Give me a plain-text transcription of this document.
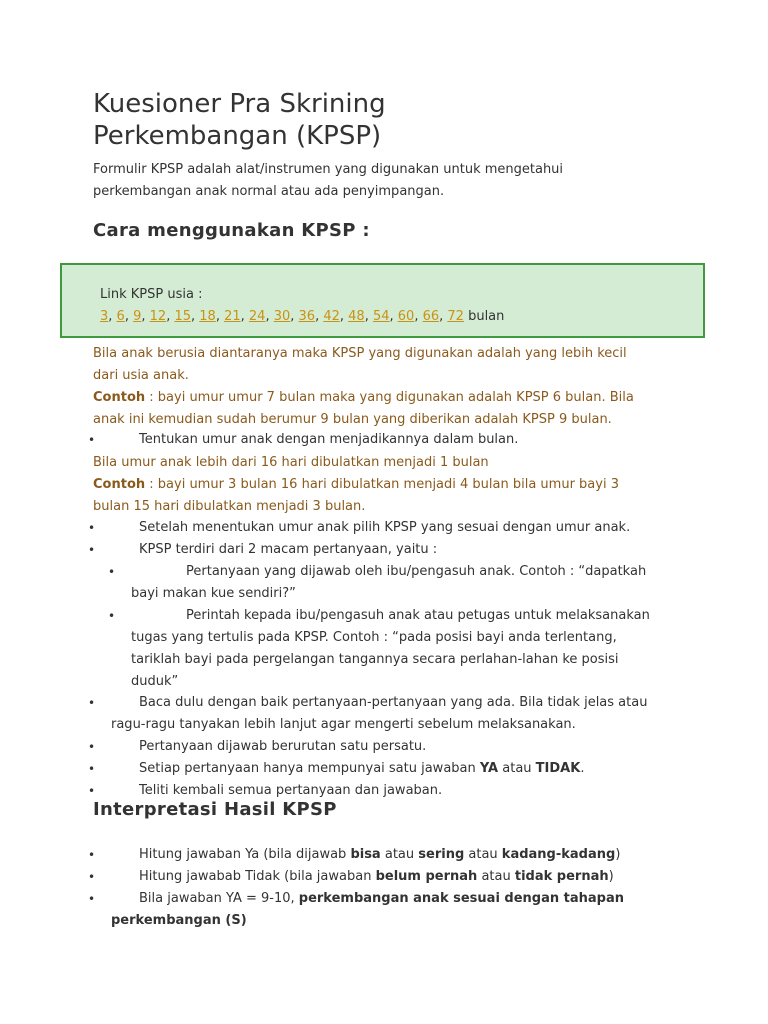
Kuesioner Pra Skrining
Perkembangan (KPSP)
Formulir KPSP adalah alat/instrumen yang digunakan untuk mengetahui
perkembangan anak normal atau ada penyimpangan.
Cara menggunakan KPSP :
Link KPSP usia :
3, 6, 9, 12, 15, 18, 21, 24, 30, 36, 42, 48, 54, 60, 66, 72 bulan
Bila anak berusia diantaranya maka KPSP yang digunakan adalah yang lebih kecil
dari usia anak.
Contoh : bayi umur umur 7 bulan maka yang digunakan adalah KPSP 6 bulan. Bila
anak ini kemudian sudah berumur 9 bulan yang diberikan adalah KPSP 9 bulan.
•	Tentukan umur anak dengan menjadikannya dalam bulan.
Bila umur anak lebih dari 16 hari dibulatkan menjadi 1 bulan
Contoh : bayi umur 3 bulan 16 hari dibulatkan menjadi 4 bulan bila umur bayi 3
bulan 15 hari dibulatkan menjadi 3 bulan.
•	Setelah menentukan umur anak pilih KPSP yang sesuai dengan umur anak.
•	KPSP terdiri dari 2 macam pertanyaan, yaitu :
•	Pertanyaan yang dijawab oleh ibu/pengasuh anak. Contoh : “dapatkah
bayi makan kue sendiri?”
•	Perintah kepada ibu/pengasuh anak atau petugas untuk melaksanakan
tugas yang tertulis pada KPSP. Contoh : “pada posisi bayi anda terlentang,
tariklah bayi pada pergelangan tangannya secara perlahan-lahan ke posisi
duduk”
•	Baca dulu dengan baik pertanyaan-pertanyaan yang ada. Bila tidak jelas atau
ragu-ragu tanyakan lebih lanjut agar mengerti sebelum melaksanakan.
•	Pertanyaan dijawab berurutan satu persatu.
•	Setiap pertanyaan hanya mempunyai satu jawaban YA atau TIDAK.
•	Teliti kembali semua pertanyaan dan jawaban.
Interpretasi Hasil KPSP
•	Hitung jawaban Ya (bila dijawab bisa atau sering atau kadang-kadang)
•	Hitung jawabab Tidak (bila jawaban belum pernah atau tidak pernah)
•	Bila jawaban YA = 9-10, perkembangan anak sesuai dengan tahapan
perkembangan (S)
